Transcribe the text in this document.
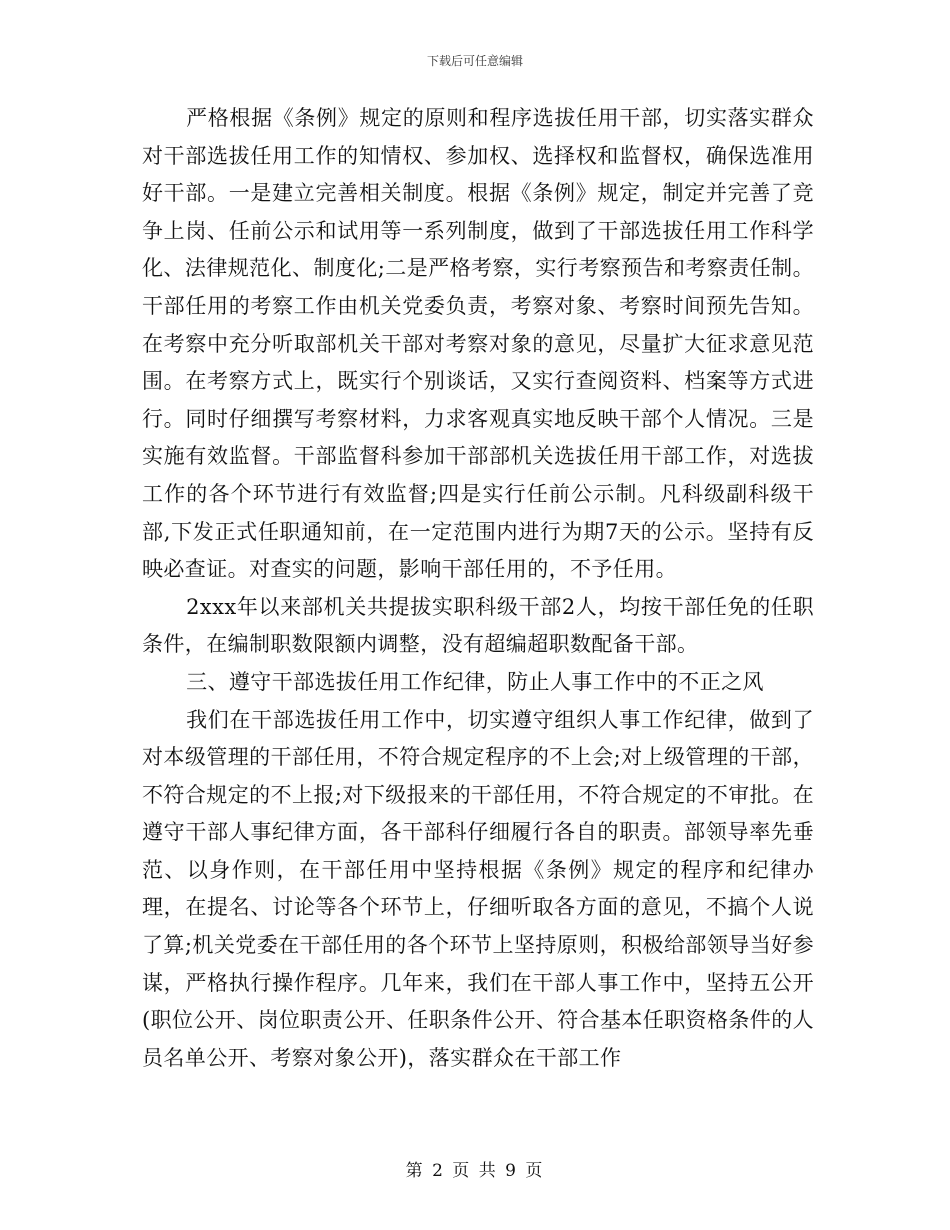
下载后可任意编辑

严格根据《条例》规定的原则和程序选拔任用干部，切实落实群众对干部选拔任用工作的知情权、参加权、选择权和监督权，确保选准用好干部。一是建立完善相关制度。根据《条例》规定，制定并完善了竞争上岗、任前公示和试用等一系列制度，做到了干部选拔任用工作科学化、法律规范化、制度化;二是严格考察，实行考察预告和考察责任制。干部任用的考察工作由机关党委负责，考察对象、考察时间预先告知。在考察中充分听取部机关干部对考察对象的意见，尽量扩大征求意见范围。在考察方式上，既实行个别谈话，又实行查阅资料、档案等方式进行。同时仔细撰写考察材料，力求客观真实地反映干部个人情况。三是实施有效监督。干部监督科参加干部部机关选拔任用干部工作，对选拔工作的各个环节进行有效监督;四是实行任前公示制。凡科级副科级干部,下发正式任职通知前，在一定范围内进行为期7天的公示。坚持有反映必查证。对查实的问题，影响干部任用的，不予任用。

2xxx年以来部机关共提拔实职科级干部2人，均按干部任免的任职条件，在编制职数限额内调整，没有超编超职数配备干部。

三、遵守干部选拔任用工作纪律，防止人事工作中的不正之风

我们在干部选拔任用工作中，切实遵守组织人事工作纪律，做到了对本级管理的干部任用，不符合规定程序的不上会;对上级管理的干部，不符合规定的不上报;对下级报来的干部任用，不符合规定的不审批。在遵守干部人事纪律方面，各干部科仔细履行各自的职责。部领导率先垂范、以身作则，在干部任用中坚持根据《条例》规定的程序和纪律办理，在提名、讨论等各个环节上，仔细听取各方面的意见，不搞个人说了算;机关党委在干部任用的各个环节上坚持原则，积极给部领导当好参谋，严格执行操作程序。几年来，我们在干部人事工作中，坚持五公开(职位公开、岗位职责公开、任职条件公开、符合基本任职资格条件的人员名单公开、考察对象公开)，落实群众在干部工作

第 2 页 共 9 页
